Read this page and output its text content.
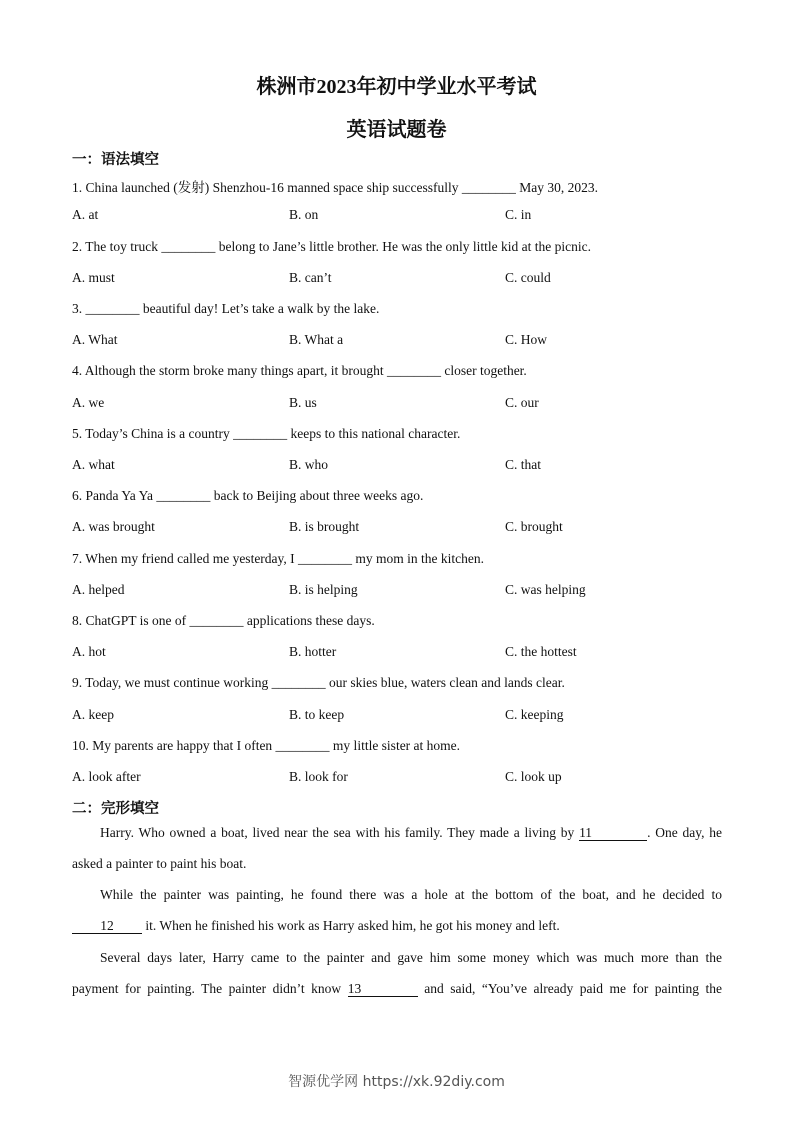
株洲市2023年初中学业水平考试
英语试题卷
一：语法填空
1. China launched (发射) Shenzhou-16 manned space ship successfully ________ May 30, 2023.
A. at	B. on	C. in
2. The toy truck ________ belong to Jane’s little brother. He was the only little kid at the picnic.
A. must	B. can’t	C. could
3. ________ beautiful day! Let’s take a walk by the lake.
A. What	B. What a	C. How
4. Although the storm broke many things apart, it brought ________ closer together.
A. we	B. us	C. our
5. Today’s China is a country ________ keeps to this national character.
A. what	B. who	C. that
6. Panda Ya Ya ________ back to Beijing about three weeks ago.
A. was brought	B. is brought	C. brought
7. When my friend called me yesterday, I ________ my mom in the kitchen.
A. helped	B. is helping	C. was helping
8. ChatGPT is one of ________ applications these days.
A. hot	B. hotter	C. the hottest
9. Today, we must continue working ________ our skies blue, waters clean and lands clear.
A. keep	B. to keep	C. keeping
10. My parents are happy that I often ________ my little sister at home.
A. look after	B. look for	C. look up
二：完形填空
Harry. Who owned a boat, lived near the sea with his family. They made a living by 11	. One day, he
asked a painter to paint his boat.
While the painter was painting, he found there was a hole at the bottom of the boat, and he decided to
12 it. When he finished his work as Harry asked him, he got his money and left.
Several days later, Harry came to the painter and gave him some money which was much more than the
payment for painting. The painter didn’t know 13	and said, “You’ve already paid me for painting the
智源优学网 https://xk.92diy.com
